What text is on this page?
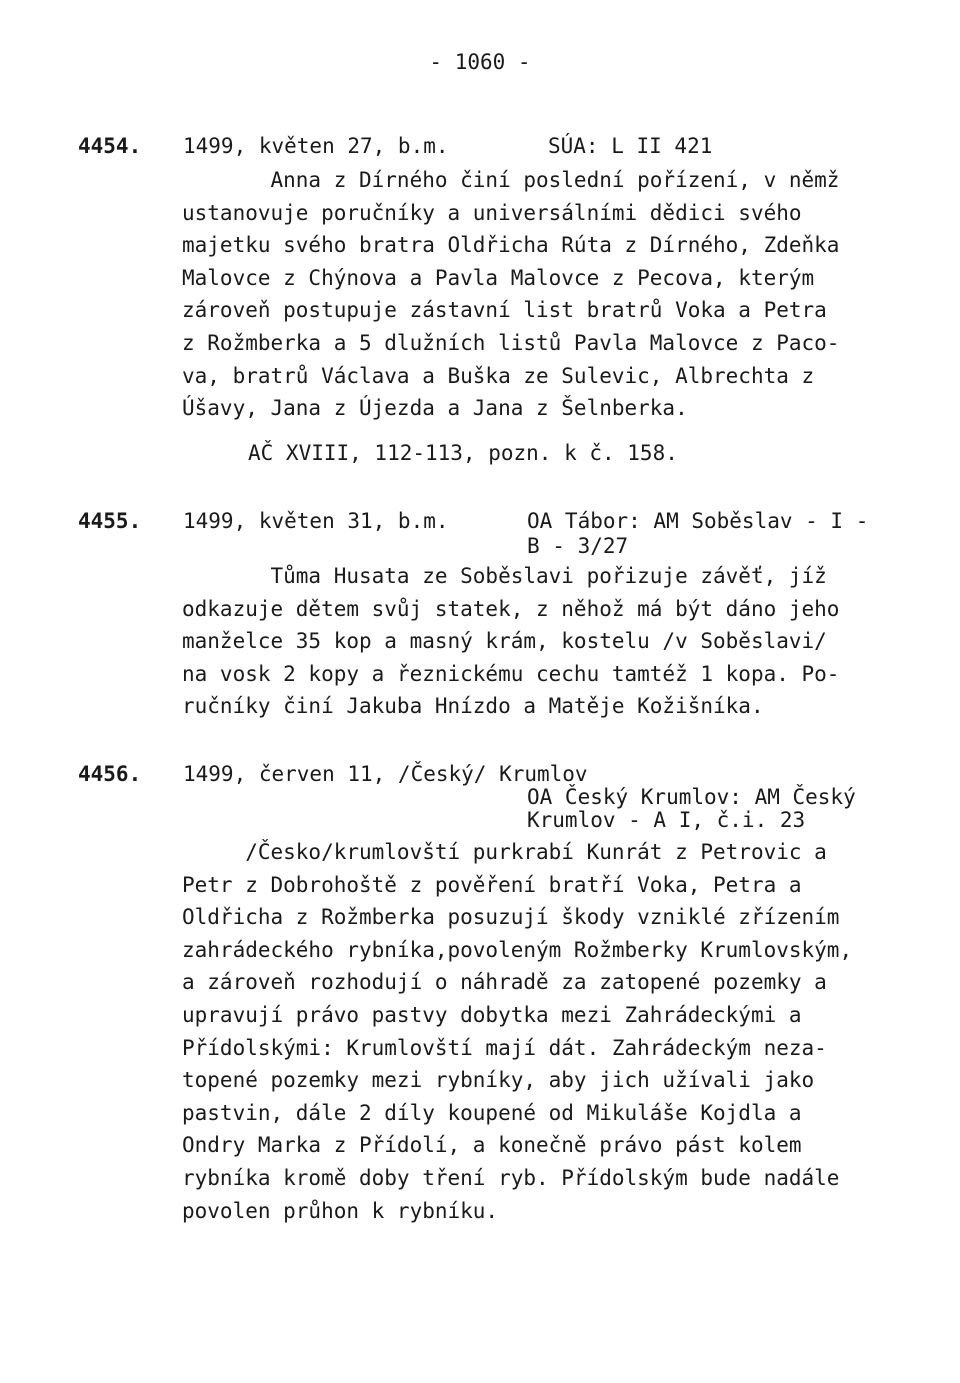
- 1060 -
4454. 1499, květen 27, b.m.	SÚA: L II 421
Anna z Dírného činí poslední pořízení, v němž
ustanovuje poručníky a universálními dědici svého
majetku svého bratra Oldřicha Rúta z Dírného, Zdeňka
Malovce z Chýnova a Pavla Malovce z Pecova, kterým
zároveň postupuje zástavní list bratrů Voka a Petra
z Rožmberka a 5 dlužních listů Pavla Malovce z Paco-
va, bratrů Václava a Buška ze Sulevic, Albrechta z
Úšavy, Jana z Újezda a Jana z Šelnberka.
AČ XVIII, 112-113, pozn. k č. 158.
4455. 1499, květen 31, b.m.	OA Tábor: AM Soběslav - I -
B - 3/27
Tůma Husata ze Soběslavi pořizuje závěť, jíž
odkazuje dětem svůj statek, z něhož má být dáno jeho
manželce 35 kop a masný krám, kostelu /v Soběslavi/
na vosk 2 kopy a řeznickému cechu tamtéž 1 kopa. Po-
ručníky činí Jakuba Hnízdo a Matěje Kožišníka.
4456. 1499, červen 11, /Český/ Krumlov
OA Český Krumlov: AM Český
Krumlov - A I, č.i. 23
/Česko/krumlovští purkrabí Kunrát z Petrovic a
Petr z Dobrohoště z pověření bratří Voka, Petra a
Oldřicha z Rožmberka posuzují škody vzniklé zřízením
zahrádeckého rybníka,povoleným Rožmberky Krumlovským,
a zároveň rozhodují o náhradě za zatopené pozemky a
upravují právo pastvy dobytka mezi Zahrádeckými a
Přídolskými: Krumlovští mají dát. Zahrádeckým neza-
topené pozemky mezi rybníky, aby jich užívali jako
pastvin, dále 2 díly koupené od Mikuláše Kojdla a
Ondry Marka z Přídolí, a konečně právo pást kolem
rybníka kromě doby tření ryb. Přídolským bude nadále
povolen průhon k rybníku.
